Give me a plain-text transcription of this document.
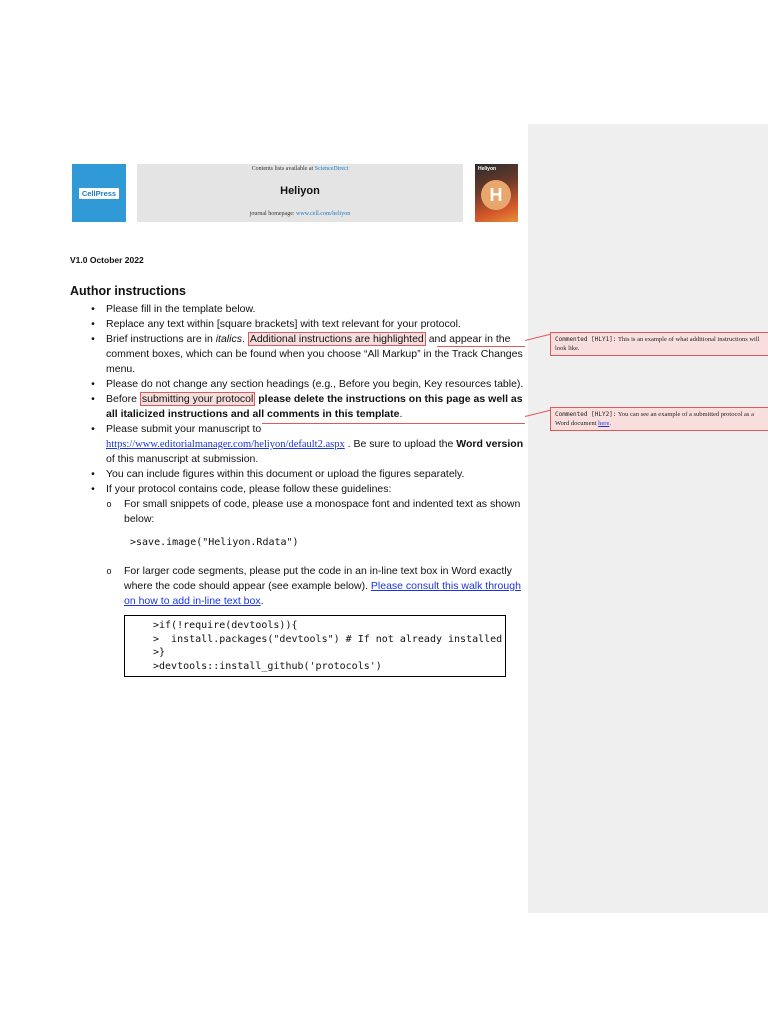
CellPress
Contents lists available at ScienceDirect
Heliyon
journal homepage: www.cell.com/heliyon
Heliyon
H
V1.0 October 2022
Author instructions
•	Please fill in the template below.
•	Replace any text within [square brackets] with text relevant for your protocol.
•	Brief instructions are in italics. Additional instructions are highlighted and appear in the comment boxes, which can be found when you choose “All Markup” in the Track Changes menu.
•	Please do not change any section headings (e.g., Before you begin, Key resources table).
•	Before submitting your protocol please delete the instructions on this page as well as all italicized instructions and all comments in this template.
•	Please submit your manuscript to
https://www.editorialmanager.com/heliyon/default2.aspx . Be sure to upload the Word version of this manuscript at submission.
•	You can include figures within this document or upload the figures separately.
•	If your protocol contains code, please follow these guidelines:
o For small snippets of code, please use a monospace font and indented text as shown below:
>save.image("Heliyon.Rdata")
o For larger code segments, please put the code in an in-line text box in Word exactly where the code should appear (see example below). Please consult this walk through on how to add in-line text box.
>if(!require(devtools)){
>  install.packages("devtools") # If not already installed
>}
>devtools::install_github('protocols')
Commented [HLY1]: This is an example of what additional instructions will look like.
Commented [HLY2]: You can see an example of a submitted protocol as a Word document here.
